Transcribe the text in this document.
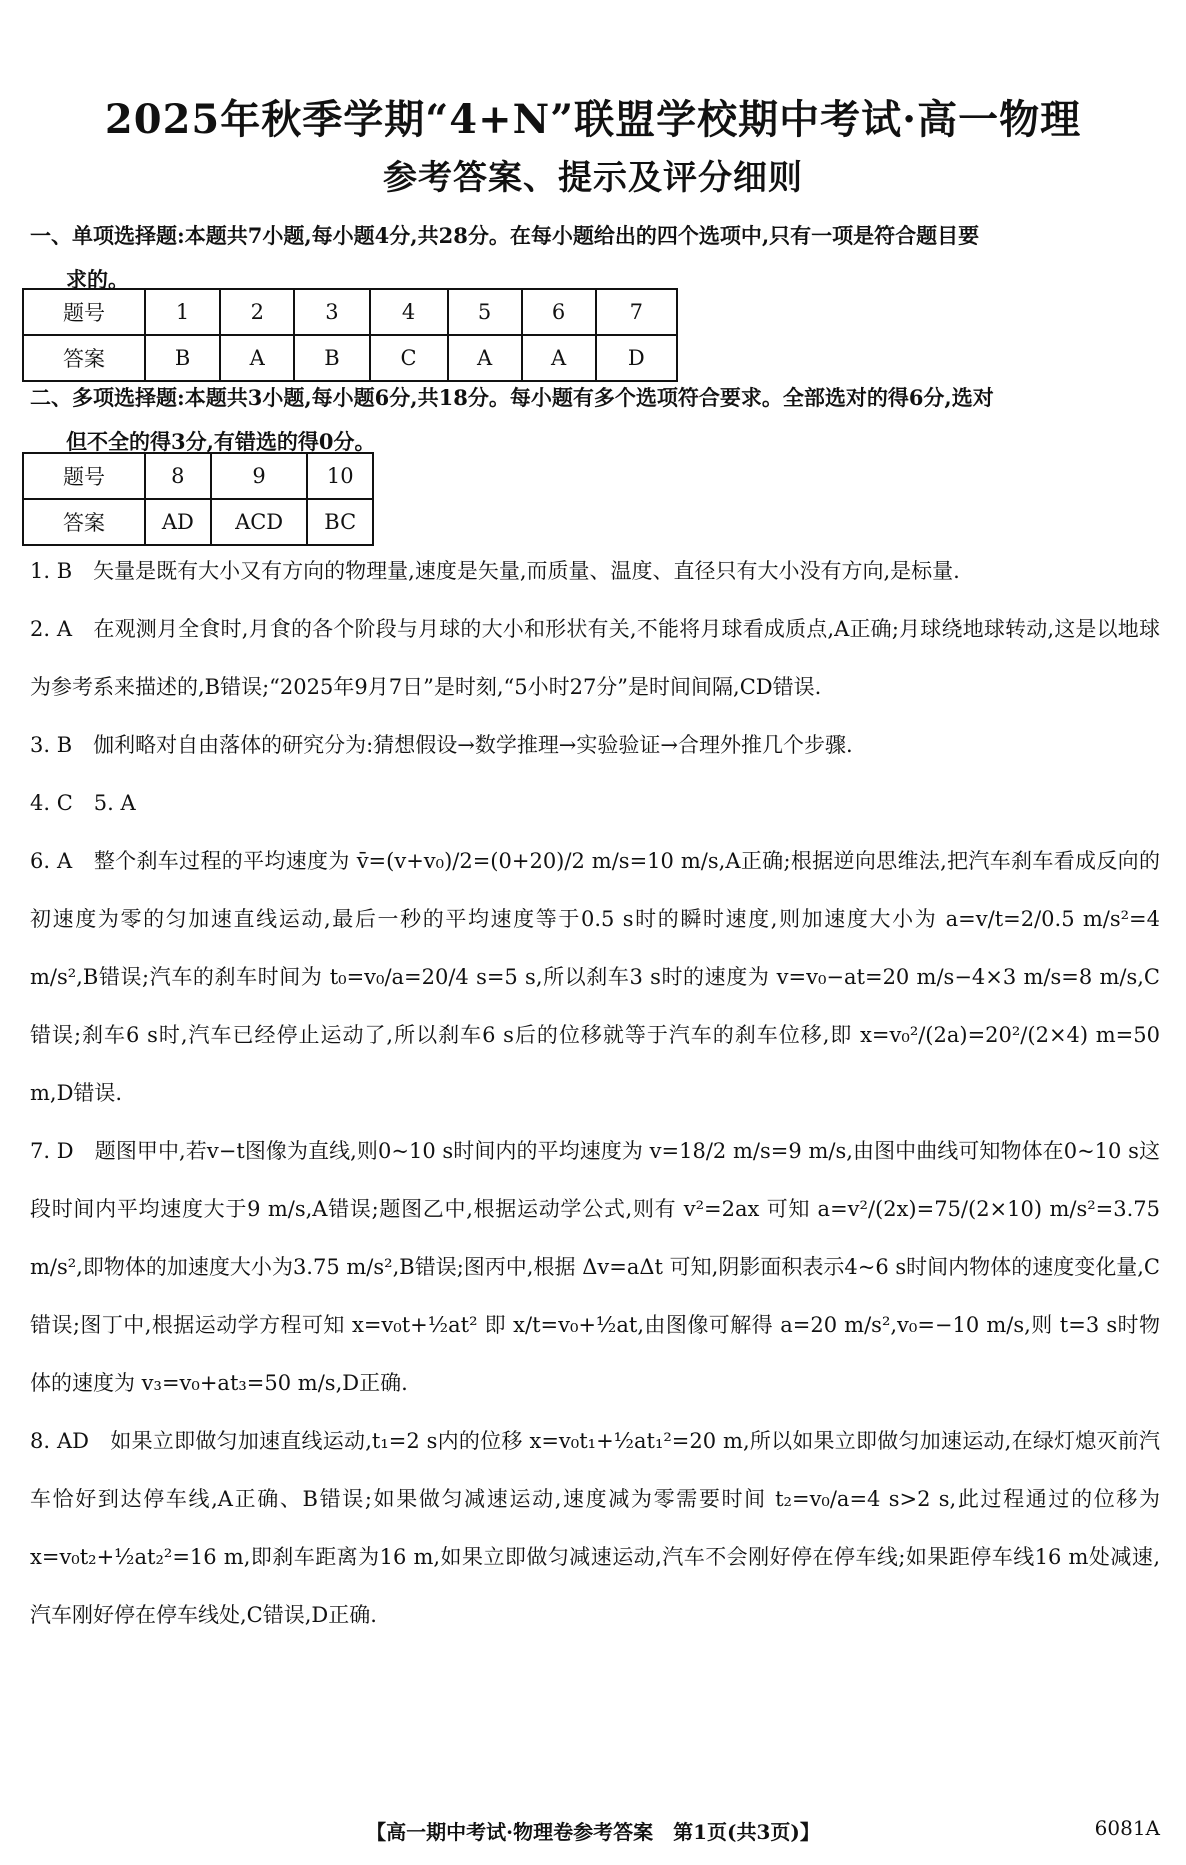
2025年秋季学期“4+N”联盟学校期中考试·高一物理
参考答案、提示及评分细则
一、单项选择题:本题共7小题,每小题4分,共28分。在每小题给出的四个选项中,只有一项是符合题目要
求的。
题号	1	2	3	4	5	6	7
答案	B	A	B	C	A	A	D
二、多项选择题:本题共3小题,每小题6分,共18分。每小题有多个选项符合要求。全部选对的得6分,选对
但不全的得3分,有错选的得0分。
题号	8	9	10
答案	AD	ACD	BC

1. B　矢量是既有大小又有方向的物理量,速度是矢量,而质量、温度、直径只有大小没有方向,是标量.

2. A　在观测月全食时,月食的各个阶段与月球的大小和形状有关,不能将月球看成质点,A正确;月球绕地球转动,这是以地球为参考系来描述的,B错误;“2025年9月7日”是时刻,“5小时27分”是时间间隔,CD错误.

3. B　伽利略对自由落体的研究分为:猜想假设→数学推理→实验验证→合理外推几个步骤.

4. C　5. A

6. A　整个刹车过程的平均速度为 v̄=(v+v₀)/2=(0+20)/2 m/s=10 m/s,A正确;根据逆向思维法,把汽车刹车看成反向的初速度为零的匀加速直线运动,最后一秒的平均速度等于0.5 s时的瞬时速度,则加速度大小为 a=v/t=2/0.5 m/s²=4 m/s²,B错误;汽车的刹车时间为 t₀=v₀/a=20/4 s=5 s,所以刹车3 s时的速度为 v=v₀−at=20 m/s−4×3 m/s=8 m/s,C错误;刹车6 s时,汽车已经停止运动了,所以刹车6 s后的位移就等于汽车的刹车位移,即 x=v₀²/(2a)=20²/(2×4) m=50 m,D错误.

7. D　题图甲中,若v−t图像为直线,则0~10 s时间内的平均速度为 v=18/2 m/s=9 m/s,由图中曲线可知物体在0~10 s这段时间内平均速度大于9 m/s,A错误;题图乙中,根据运动学公式,则有 v²=2ax 可知 a=v²/(2x)=75/(2×10) m/s²=3.75 m/s²,即物体的加速度大小为3.75 m/s²,B错误;图丙中,根据 Δv=aΔt 可知,阴影面积表示4~6 s时间内物体的速度变化量,C错误;图丁中,根据运动学方程可知 x=v₀t+½at² 即 x/t=v₀+½at,由图像可解得 a=20 m/s²,v₀=−10 m/s,则 t=3 s时物体的速度为 v₃=v₀+at₃=50 m/s,D正确.

8. AD　如果立即做匀加速直线运动,t₁=2 s内的位移 x=v₀t₁+½at₁²=20 m,所以如果立即做匀加速运动,在绿灯熄灭前汽车恰好到达停车线,A正确、B错误;如果做匀减速运动,速度减为零需要时间 t₂=v₀/a=4 s>2 s,此过程通过的位移为 x=v₀t₂+½at₂²=16 m,即刹车距离为16 m,如果立即做匀减速运动,汽车不会刚好停在停车线;如果距停车线16 m处减速,汽车刚好停在停车线处,C错误,D正确.

【高一期中考试·物理卷参考答案　第1页(共3页)】	6081A
